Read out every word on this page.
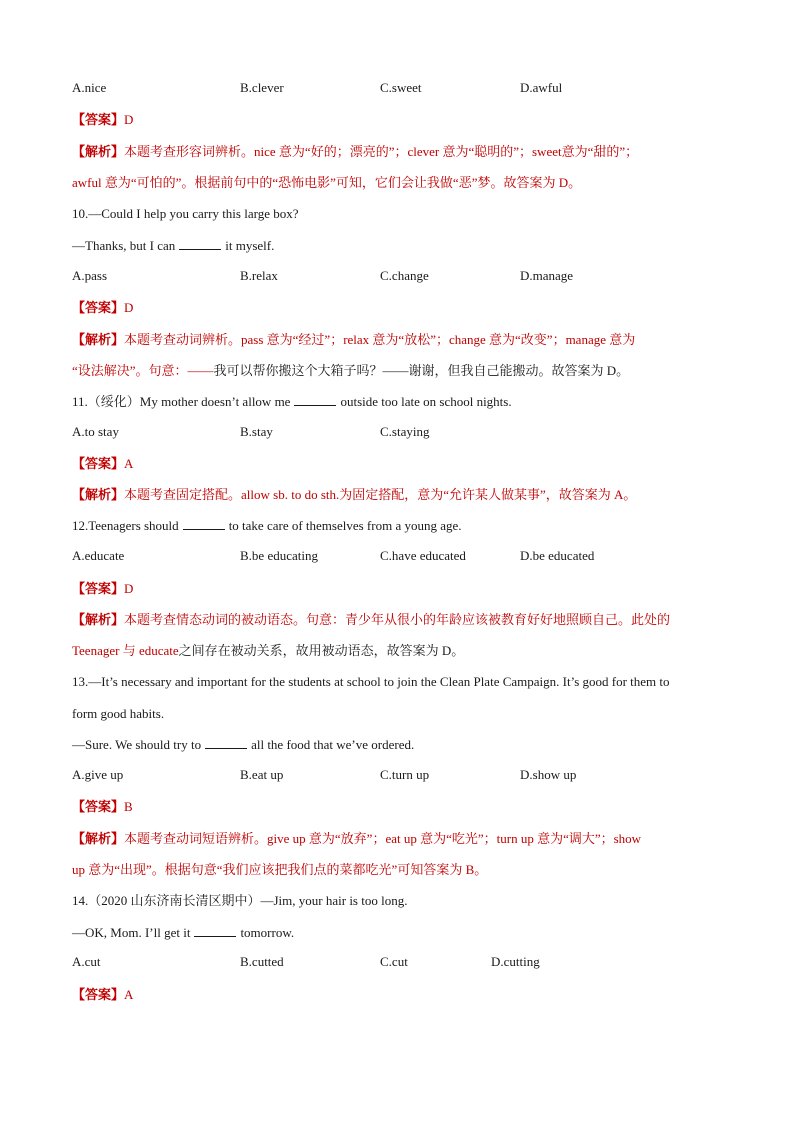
A.nice	B.clever	C.sweet	D.awful
【答案】D
【解析】本题考查形容词辨析。nice 意为“好的；漂亮的”；clever 意为“聪明的”；sweet意为“甜的”；
awful 意为“可怕的”。根据前句中的“恐怖电影”可知，它们会让我做“恶”梦。故答案为 D。
10.—Could I help you carry this large box?
—Thanks, but I can	it myself.
A.pass	B.relax	C.change	D.manage
【答案】D
【解析】本题考查动词辨析。pass 意为“经过”；relax 意为“放松”；change 意为“改变”；manage 意为
“设法解决”。句意：——我可以帮你搬这个大箱子吗？——谢谢，但我自己能搬动。故答案为 D。
11.（绥化）My mother doesn’t allow me	outside too late on school nights.
A.to stay	B.stay	C.staying
【答案】A
【解析】本题考查固定搭配。allow sb. to do sth.为固定搭配，意为“允许某人做某事”，故答案为 A。
12.Teenagers should	to take care of themselves from a young age.
A.educate	B.be educating	C.have educated	D.be educated
【答案】D
【解析】本题考查情态动词的被动语态。句意：青少年从很小的年龄应该被教育好好地照顾自己。此处的
Teenager 与 educate之间存在被动关系，故用被动语态，故答案为 D。
13.—It’s necessary and important for the students at school to join the Clean Plate Campaign. It’s good for them to
form good habits.
—Sure. We should try to	all the food that we’ve ordered.
A.give up	B.eat up	C.turn up	D.show up
【答案】B
【解析】本题考查动词短语辨析。give up 意为“放弃”；eat up 意为“吃光”；turn up 意为“调大”；show
up 意为“出现”。根据句意“我们应该把我们点的菜都吃光”可知答案为 B。
14.（2020 山东济南长清区期中）—Jim, your hair is too long.
—OK, Mom. I’ll get it	tomorrow.
A.cut	B.cutted	C.cut	D.cutting
【答案】A
